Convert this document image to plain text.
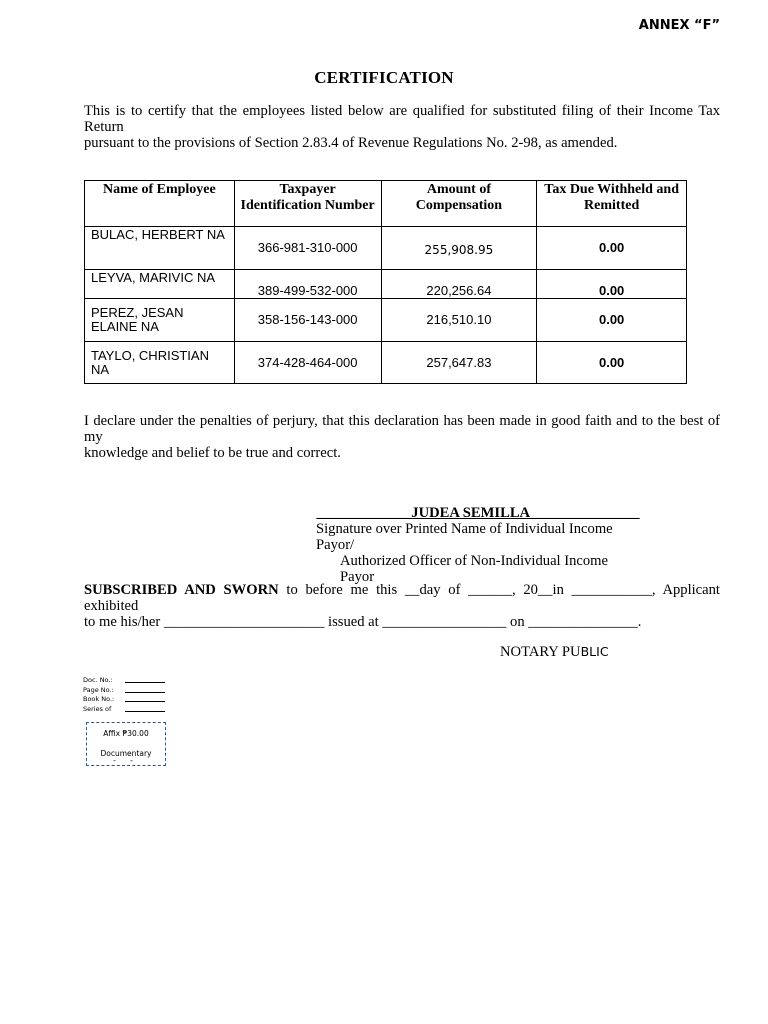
ANNEX “F”
CERTIFICATION
This is to certify that the employees listed below are qualified for substituted filing of their Income Tax Return
pursuant to the provisions of Section 2.83.4 of Revenue Regulations No. 2-98, as amended.
Name of Employee	Taxpayer Identification Number	Amount of Compensation	Tax Due Withheld and Remitted
BULAC, HERBERT NA	366-981-310-000	255,908.95	0.00
LEYVA, MARIVIC NA	389-499-532-000	220,256.64	0.00
PEREZ, JESAN ELAINE NA	358-156-143-000	216,510.10	0.00
TAYLO, CHRISTIAN NA	374-428-464-000	257,647.83	0.00
I declare under the penalties of perjury, that this declaration has been made in good faith and to the best of my
knowledge and belief to be true and correct.
_____________JUDEA SEMILLA_______________
Signature over Printed Name of Individual Income Payor/
Authorized Officer of Non-Individual Income Payor
SUBSCRIBED AND SWORN to before me this __day of ______, 20__in ___________, Applicant exhibited
to me his/her ______________________ issued at _________________ on _______________.
NOTARY PUBLIC
Doc. No.:
Page No.:
Book No.:
Series of
Affix ₱30.00
Documentary
- -
